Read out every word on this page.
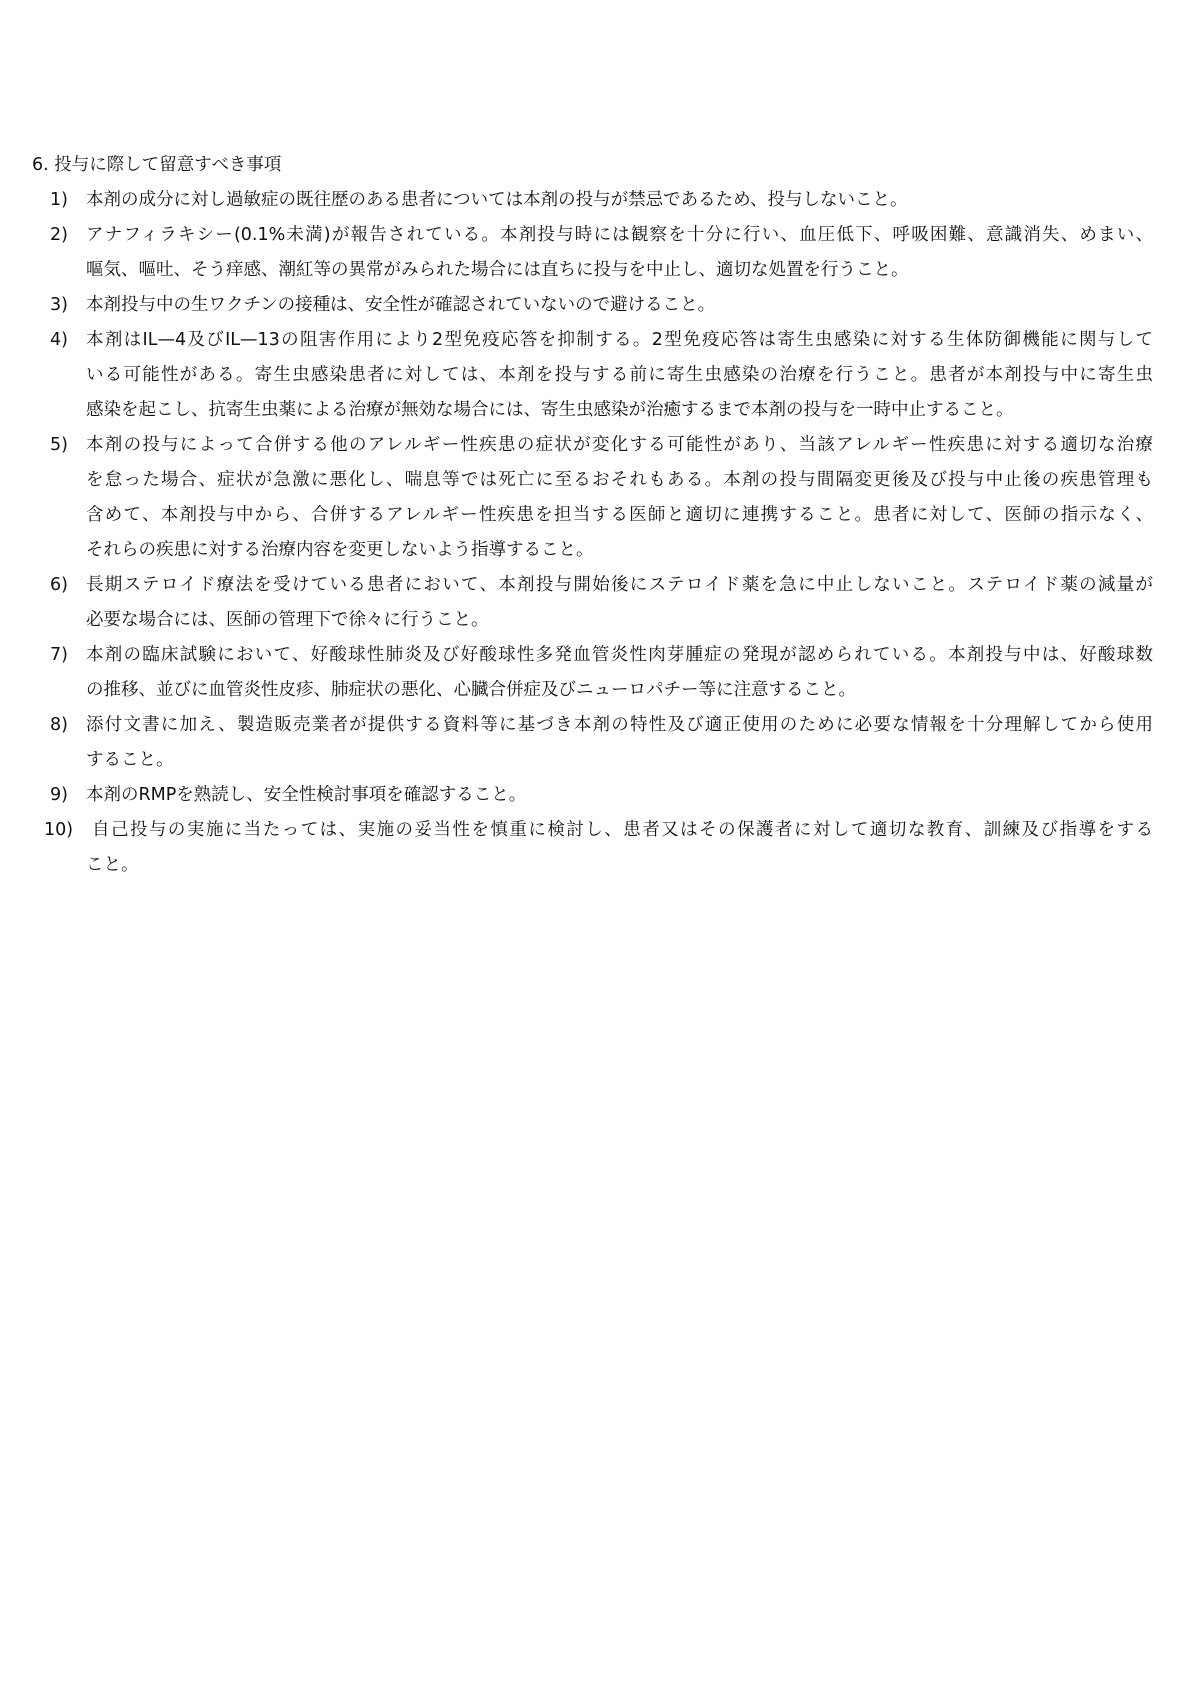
6. 投与に際して留意すべき事項
1) 本剤の成分に対し過敏症の既往歴のある患者については本剤の投与が禁忌であるため、投与しないこと。
2) アナフィラキシー(0.1%未満)が報告されている。本剤投与時には観察を十分に行い、血圧低下、呼吸困難、意識消失、めまい、
嘔気、嘔吐、そう痒感、潮紅等の異常がみられた場合には直ちに投与を中止し、適切な処置を行うこと。
3) 本剤投与中の生ワクチンの接種は、安全性が確認されていないので避けること。
4) 本剤はIL—4及びIL—13の阻害作用により2型免疫応答を抑制する。2型免疫応答は寄生虫感染に対する生体防御機能に関与して
いる可能性がある。寄生虫感染患者に対しては、本剤を投与する前に寄生虫感染の治療を行うこと。患者が本剤投与中に寄生虫
感染を起こし、抗寄生虫薬による治療が無効な場合には、寄生虫感染が治癒するまで本剤の投与を一時中止すること。
5) 本剤の投与によって合併する他のアレルギー性疾患の症状が変化する可能性があり、当該アレルギー性疾患に対する適切な治療
を怠った場合、症状が急激に悪化し、喘息等では死亡に至るおそれもある。本剤の投与間隔変更後及び投与中止後の疾患管理も
含めて、本剤投与中から、合併するアレルギー性疾患を担当する医師と適切に連携すること。患者に対して、医師の指示なく、
それらの疾患に対する治療内容を変更しないよう指導すること。
6) 長期ステロイド療法を受けている患者において、本剤投与開始後にステロイド薬を急に中止しないこと。ステロイド薬の減量が
必要な場合には、医師の管理下で徐々に行うこと。
7) 本剤の臨床試験において、好酸球性肺炎及び好酸球性多発血管炎性肉芽腫症の発現が認められている。本剤投与中は、好酸球数
の推移、並びに血管炎性皮疹、肺症状の悪化、心臓合併症及びニューロパチー等に注意すること。
8) 添付文書に加え、製造販売業者が提供する資料等に基づき本剤の特性及び適正使用のために必要な情報を十分理解してから使用
すること。
9) 本剤のRMPを熟読し、安全性検討事項を確認すること。
10)	自己投与の実施に当たっては、実施の妥当性を慎重に検討し、患者又はその保護者に対して適切な教育、訓練及び指導をする
こと。
